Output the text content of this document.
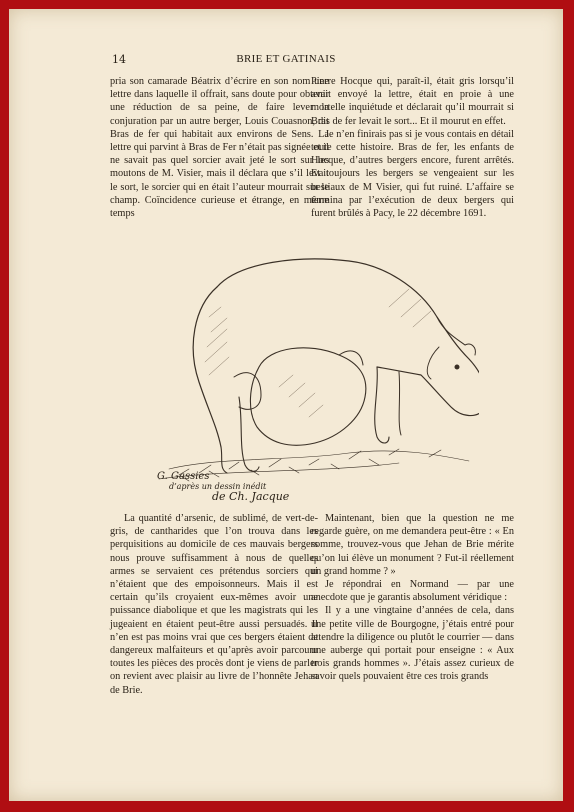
14	BRIE ET GATINAIS

pria son camarade Béatrix d’écrire en son nom une lettre dans laquelle il offrait, sans doute pour obtenir une réduction de sa peine, de faire lever la conjuration par un autre berger, Louis Couasnon, dit Bras de fer qui habitait aux environs de Sens. La lettre qui parvint à Bras de Fer n’était pas signée et il ne savait pas quel sorcier avait jeté le sort sur les moutons de M. Visier, mais il déclara que s’il levait le sort, le sorcier qui en était l’auteur mourrait sur le champ. Coïncidence curieuse et étrange, en même temps

Pierre Hocque qui, paraît-il, était gris lorsqu’il avait envoyé la lettre, était en proie à une mortelle inquiétude et déclarait qu’il mourrait si Bras de fer levait le sort... Et il mourut en effet.

Je n’en finirais pas si je vous contais en détail toute cette histoire. Bras de fer, les enfants de Hocque, d’autres bergers encore, furent arrêtés. Et toujours les bergers se vengeaient sur les bestiaux de M Visier, qui fut ruiné. L’affaire se termina par l’exécution de deux bergers qui furent brûlés à Pacy, le 22 décembre 1691.

G. Gassies
d’après un dessin inédit
de Ch. Jacque

La quantité d’arsenic, de sublimé, de vert-de-gris, de cantharides que l’on trouva dans les perquisitions au domicile de ces mauvais bergers nous prouve suffisamment à nous de quelles armes se servaient ces prétendus sorciers qui n’étaient que des empoisonneurs. Mais il est certain qu’ils croyaient eux-mêmes avoir une puissance diabolique et que les magistrats qui les jugeaient en étaient peut-être aussi persuadés. Il n’en est pas moins vrai que ces bergers étaient de dangereux malfaiteurs et qu’après avoir parcouru toutes les pièces des procès dont je viens de parler on revient avec plaisir au livre de l’honnête Jehan de Brie.

Maintenant, bien que la question ne me regarde guère, on me demandera peut-être : « En somme, trouvez-vous que Jehan de Brie mérite qu’on lui élève un monument ? Fut-il réellement un grand homme ? »

Je répondrai en Normand — par une anecdote que je garantis absolument véridique :

Il y a une vingtaine d’années de cela, dans une petite ville de Bourgogne, j’étais entré pour attendre la diligence ou plutôt le courrier — dans une auberge qui portait pour enseigne : « Aux trois grands hommes ». J’étais assez curieux de savoir quels pouvaient être ces trois grands
